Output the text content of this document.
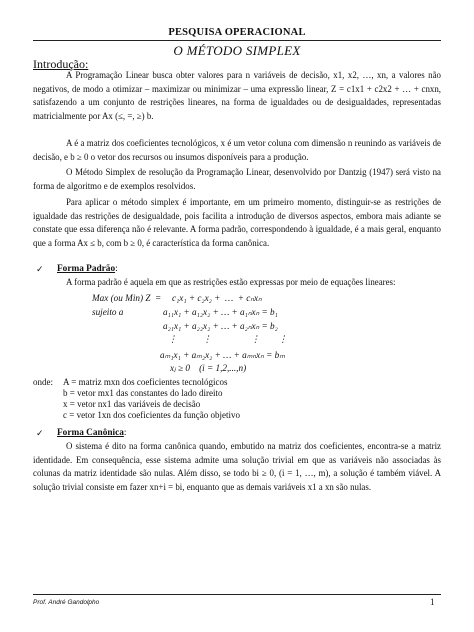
PESQUISA OPERACIONAL
O MÉTODO SIMPLEX
Introdução:
A Programação Linear busca obter valores para n variáveis de decisão, x1, x2, …, xn, a valores não negativos, de modo a otimizar – maximizar ou minimizar – uma expressão linear, Z = c1x1 + c2x2 + … + cnxn, satisfazendo a um conjunto de restrições lineares, na forma de igualdades ou de desigualdades, representadas matricialmente por Ax (≤, =, ≥) b.
A é a matriz dos coeficientes tecnológicos, x é um vetor coluna com dimensão n reunindo as variáveis de decisão, e b ≥ 0 o vetor dos recursos ou insumos disponíveis para a produção.
O Método Simplex de resolução da Programação Linear, desenvolvido por Dantzig (1947) será visto na forma de algoritmo e de exemplos resolvidos.
Para aplicar o método simplex é importante, em um primeiro momento, distinguir-se as restrições de igualdade das restrições de desigualdade, pois facilita a introdução de diversos aspectos, embora mais adiante se constate que essa diferença não é relevante. A forma padrão, correspondendo à igualdade, é a mais geral, enquanto que a forma Ax ≤ b, com b ≥ 0, é característica da forma canônica.
✓ Forma Padrão:
A forma padrão é aquela em que as restrições estão expressas por meio de equações lineares:
Max (ou Min) Z  = c₁x₁ + c₂x₂ +  …  + cₙxₙ
sujeito a	a₁₁x₁ + a₁₂x₂ + … + a₁ₙxₙ = b₁
a₂₁x₁ + a₂₂x₂ + … + a₂ₙxₙ = b₂
⋮           ⋮                 ⋮        ⋮
aₘ₁x₁ + aₘ₂x₂ + … + aₘₙxₙ = bₘ
xⱼ ≥ 0    (i = 1,2,...,n)
onde: A = matriz mxn dos coeficientes tecnológicos
b = vetor mx1 das constantes do lado direito
x = vetor nx1 das variáveis de decisão
c = vetor 1xn dos coeficientes da função objetivo
✓ Forma Canônica:
O sistema é dito na forma canônica quando, embutido na matriz dos coeficientes, encontra-se a matriz identidade. Em consequência, esse sistema admite uma solução trivial em que as variáveis não associadas às colunas da matriz identidade são nulas. Além disso, se todo bi ≥ 0, (i = 1, …, m), a solução é também viável. A solução trivial consiste em fazer xn+i = bi, enquanto que as demais variáveis x1 a xn são nulas.
Prof. André Gandolpho	1
